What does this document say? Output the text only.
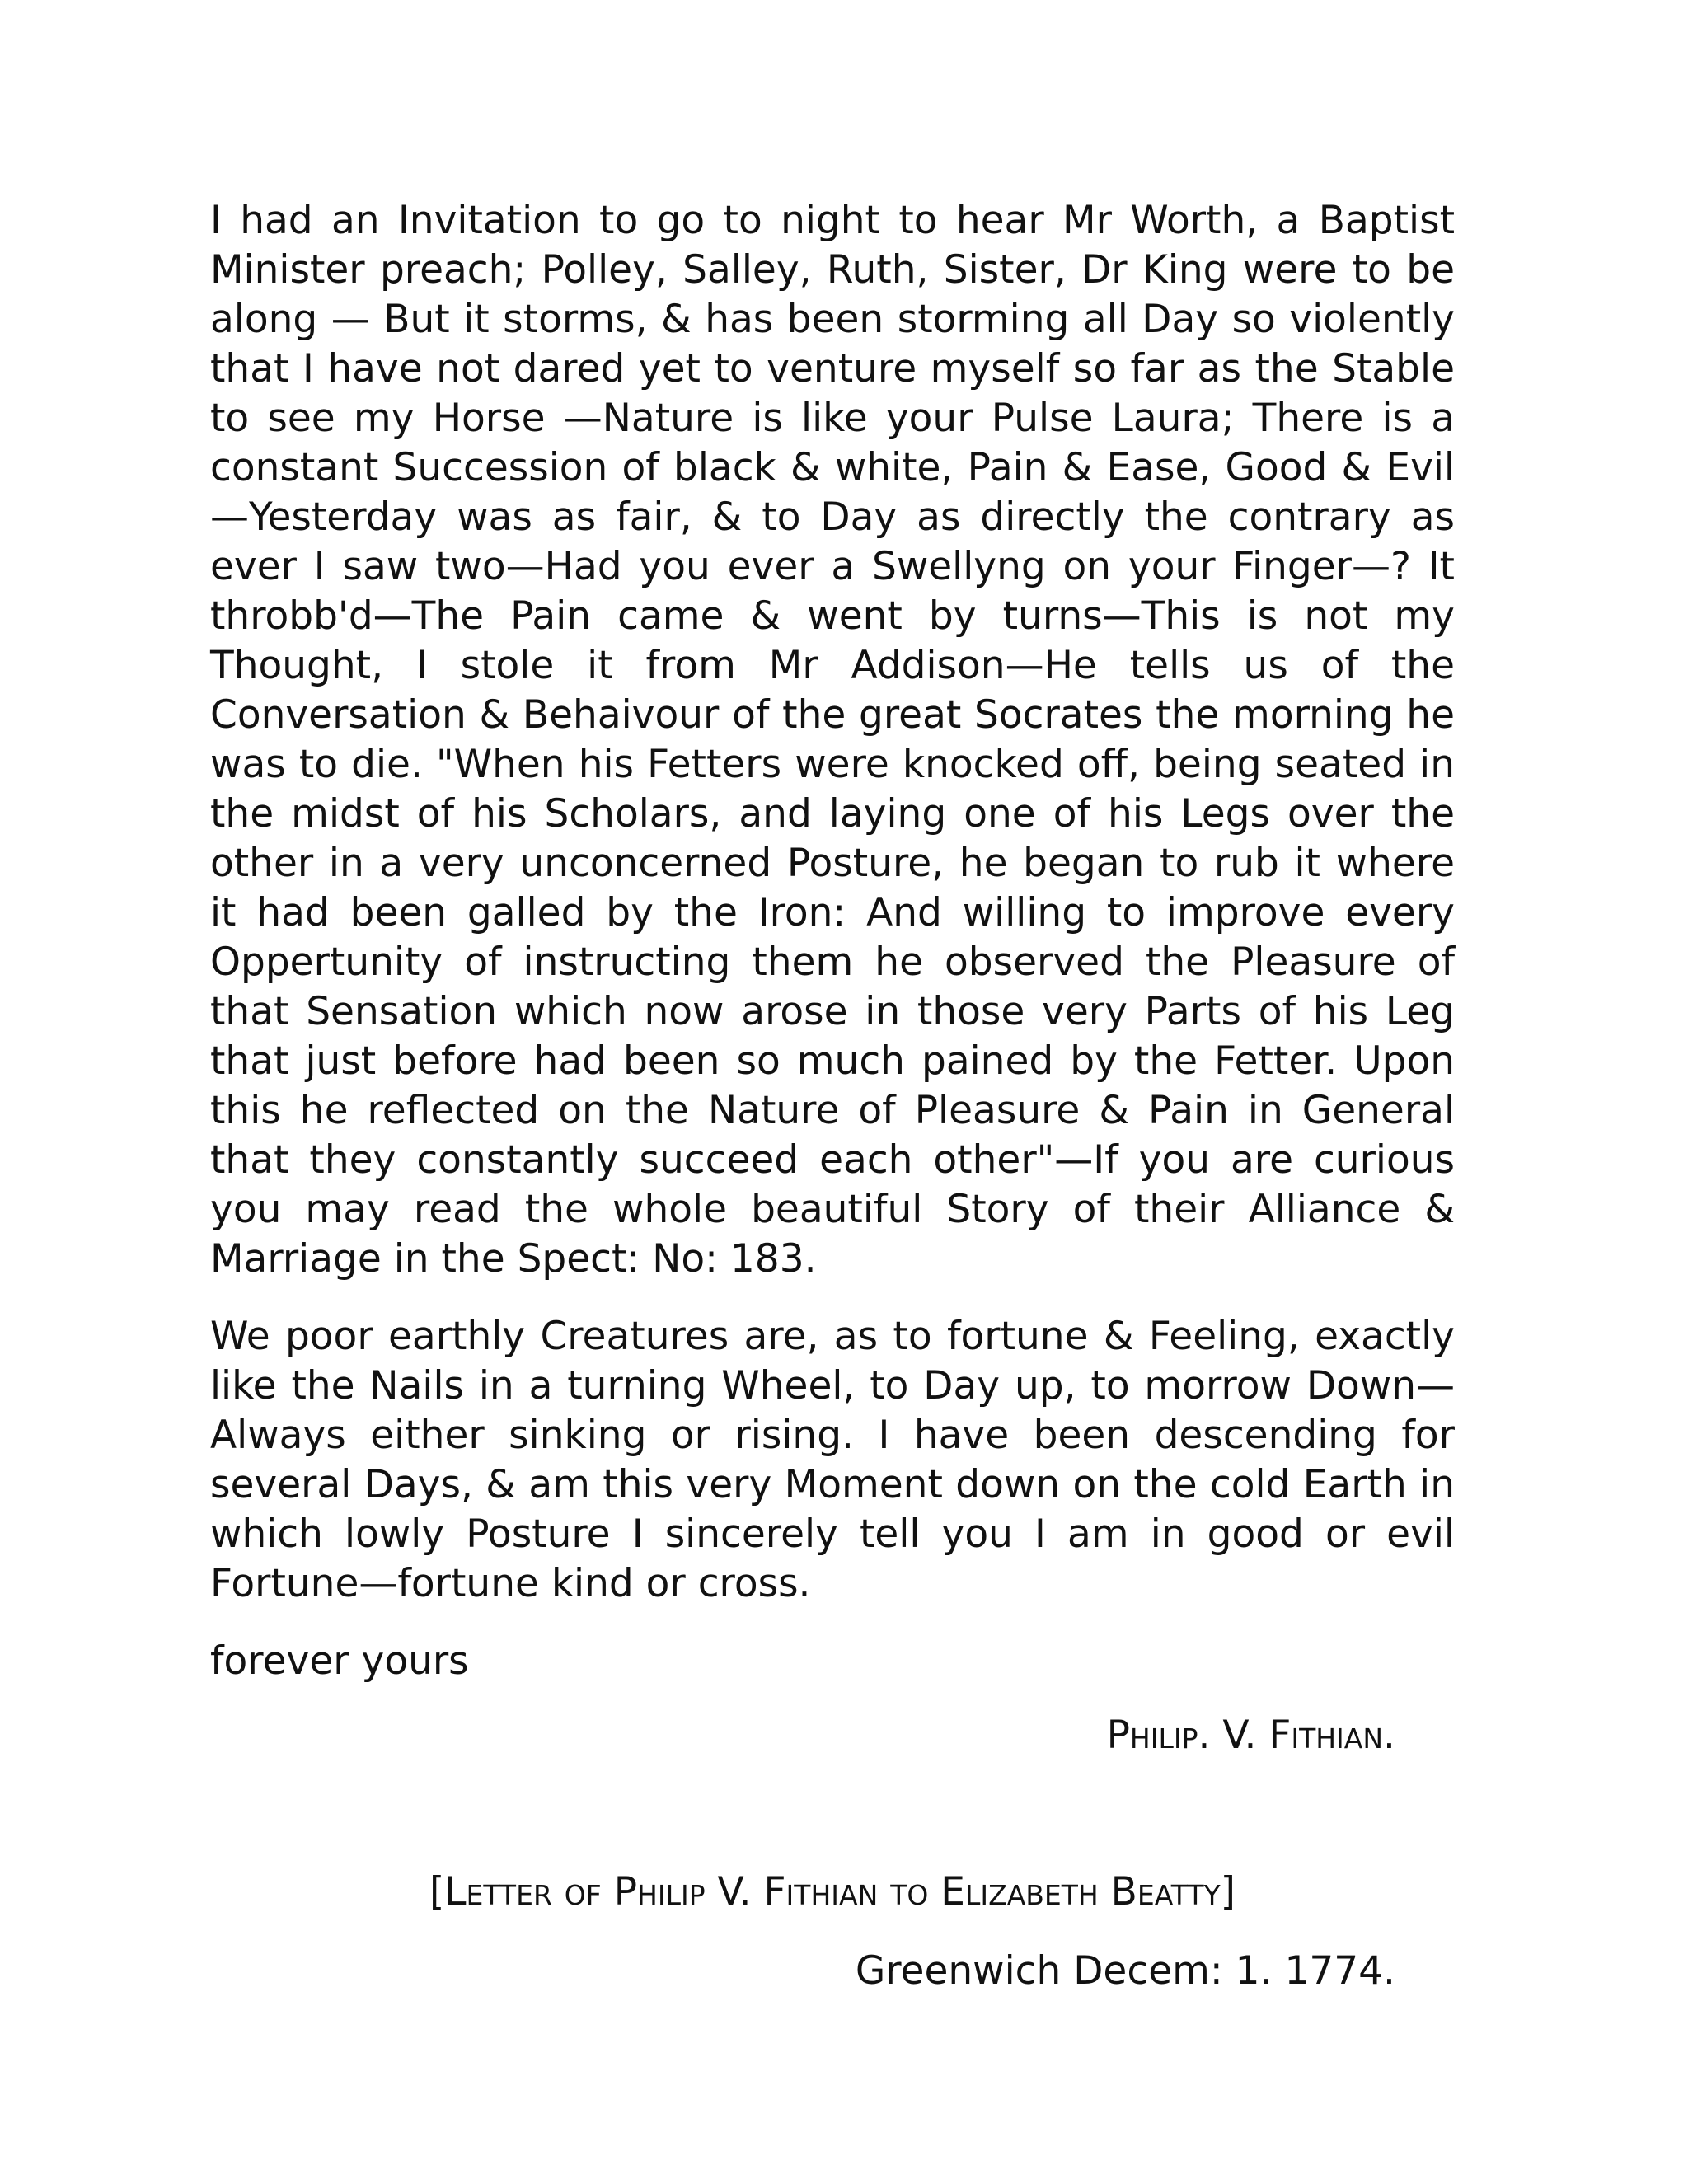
I had an Invitation to go to night to hear Mr Worth, a Baptist Minister preach; Polley, Salley, Ruth, Sister, Dr King were to be along — But it storms, & has been storming all Day so violently that I have not dared yet to venture myself so far as the Stable to see my Horse —Nature is like your Pulse Laura; There is a constant Succession of black & white, Pain & Ease, Good & Evil—Yesterday was as fair, & to Day as directly the contrary as ever I saw two—Had you ever a Swellyng on your Finger—? It throbb'd—The Pain came & went by turns—This is not my Thought, I stole it from Mr Addison—He tells us of the Conversation & Behaivour of the great Socrates the morning he was to die. "When his Fetters were knocked off, being seated in the midst of his Scholars, and laying one of his Legs over the other in a very unconcerned Posture, he began to rub it where it had been galled by the Iron: And willing to improve every Oppertunity of instructing them he observed the Pleasure of that Sensation which now arose in those very Parts of his Leg that just before had been so much pained by the Fetter. Upon this he reflected on the Nature of Pleasure & Pain in General that they constantly succeed each other"—If you are curious you may read the whole beautiful Story of their Alliance & Marriage in the Spect: No: 183.

We poor earthly Creatures are, as to fortune & Feeling, exactly like the Nails in a turning Wheel, to Day up, to morrow Down—Always either sinking or rising. I have been descending for several Days, & am this very Moment down on the cold Earth in which lowly Posture I sincerely tell you I am in good or evil Fortune—fortune kind or cross.

forever yours

Philip. V. Fithian.

[Letter of Philip V. Fithian to Elizabeth Beatty]

Greenwich Decem: 1. 1774.
